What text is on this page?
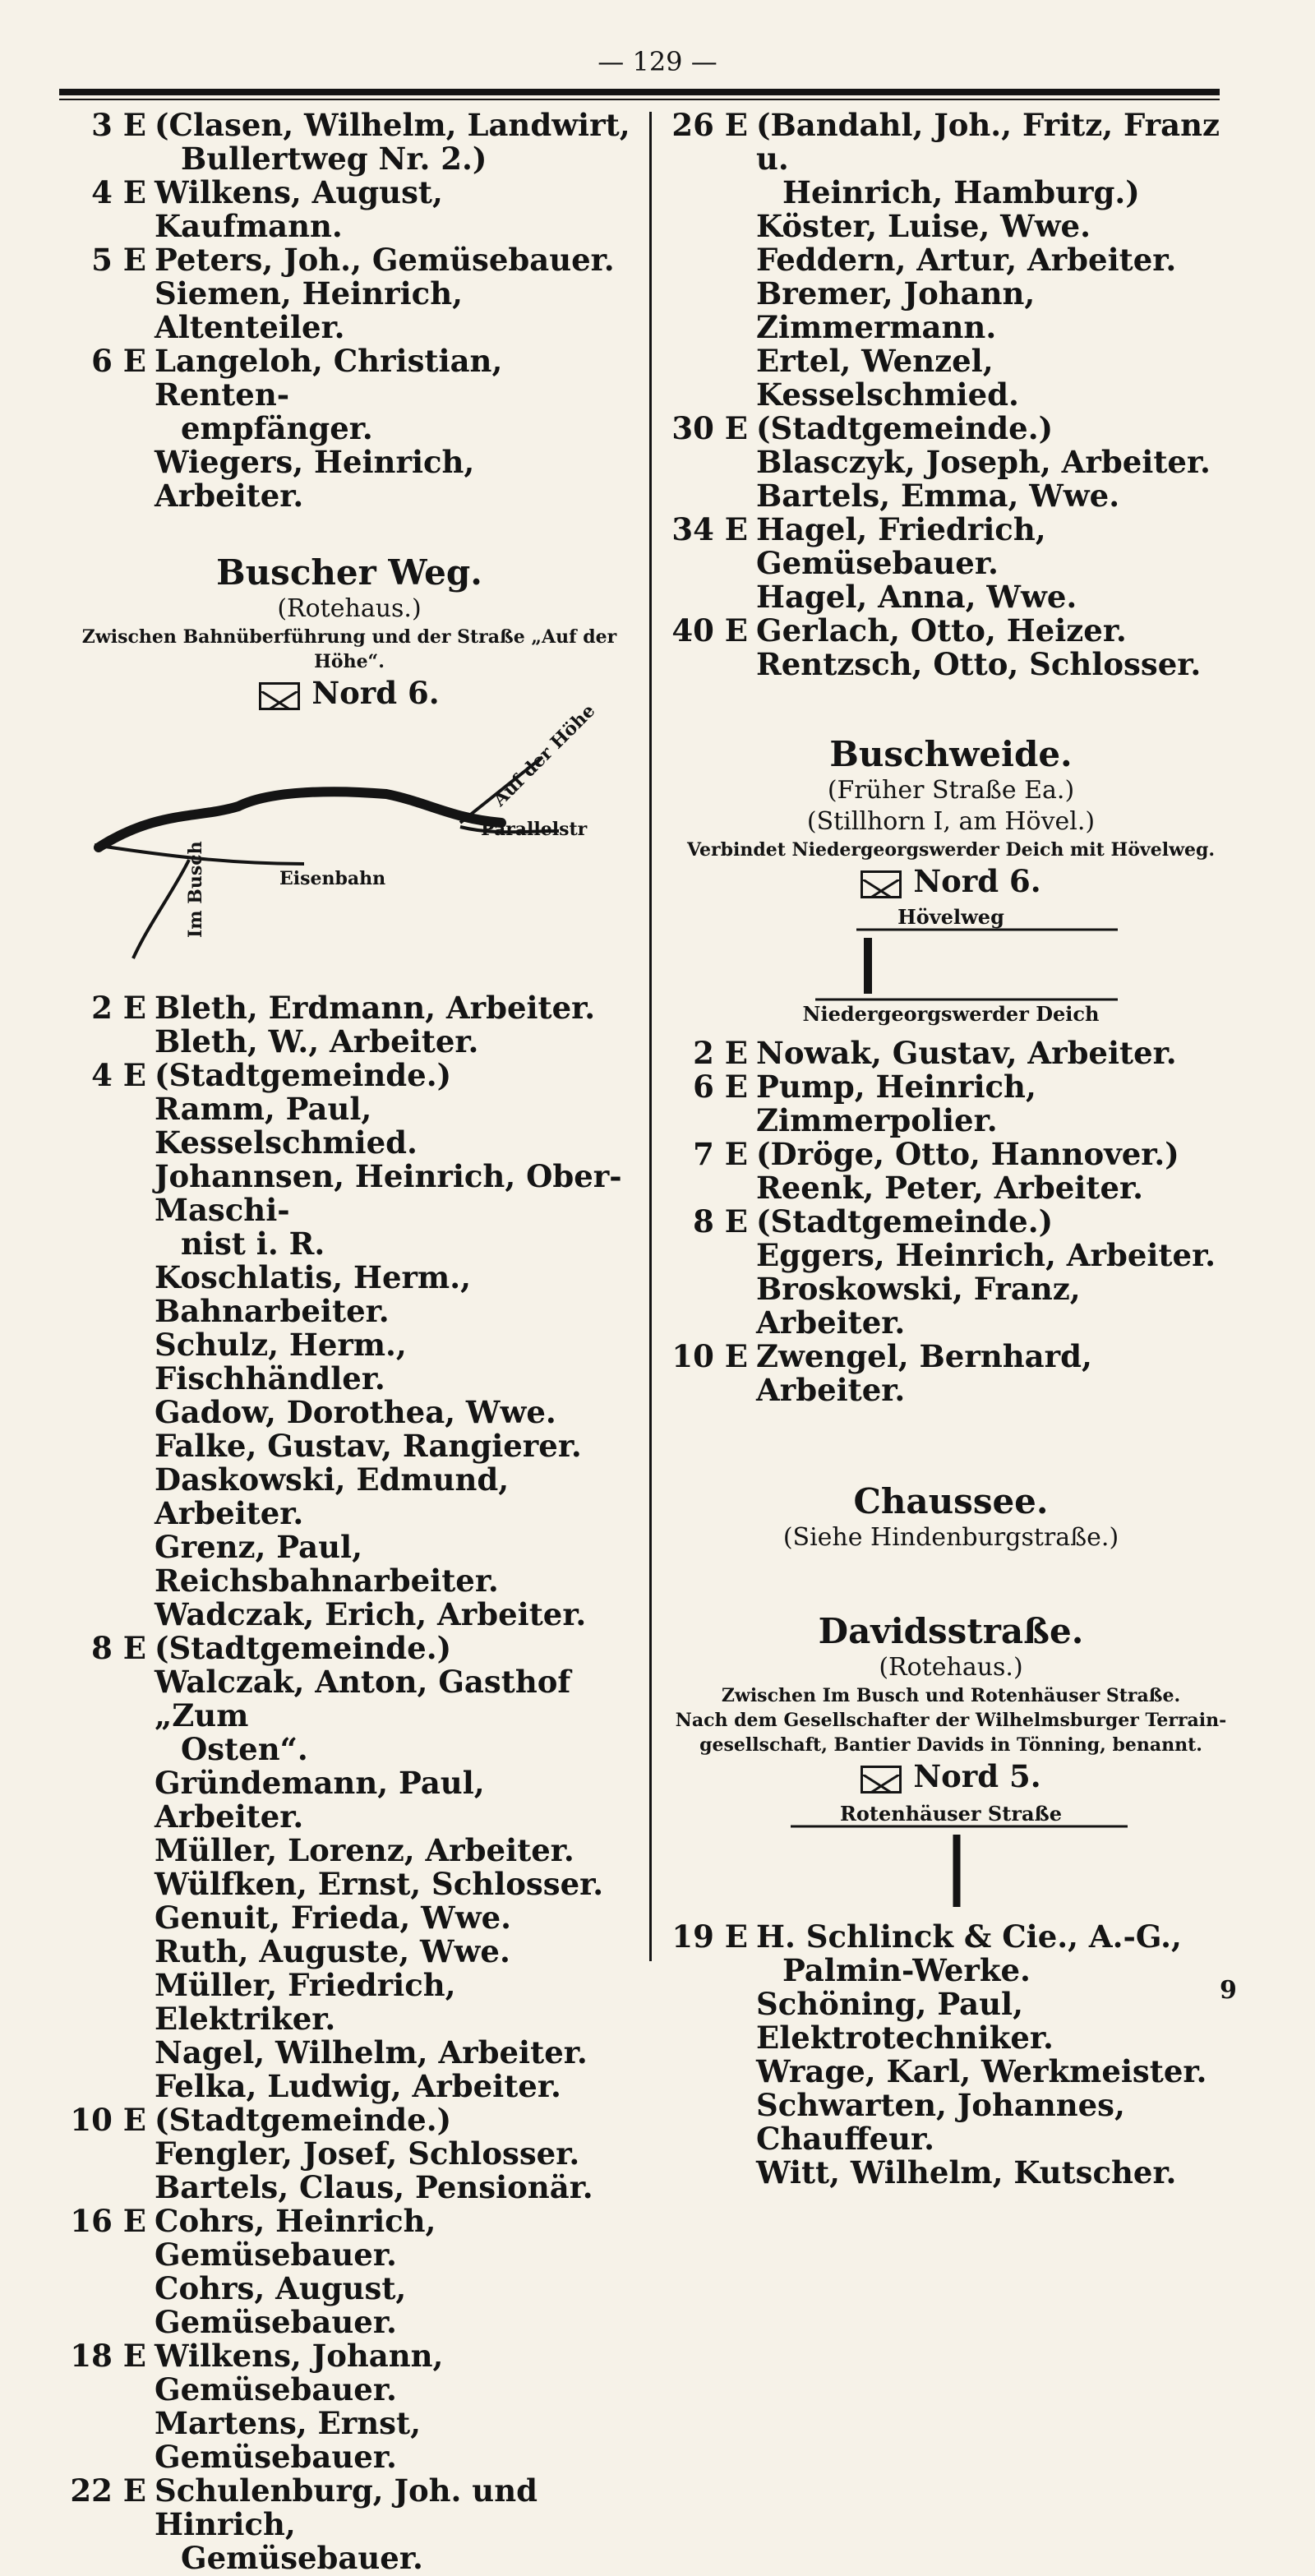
— 129 —
3 E (Clasen, Wilhelm, Landwirt,
Bullertweg Nr. 2.)
4 E Wilkens, August, Kaufmann.
5 E Peters, Joh., Gemüsebauer.
Siemen, Heinrich, Altenteiler.
6 E Langeloh, Christian, Renten-
empfänger.
Wiegers, Heinrich, Arbeiter.
Buscher Weg.
(Rotehaus.)
Zwischen Bahnüberführung und der Straße „Auf der Höhe“.
Nord 6.
Auf der Höhe
Parallelstr
Eisenbahn
Im Busch
2 E Bleth, Erdmann, Arbeiter.
Bleth, W., Arbeiter.
4 E (Stadtgemeinde.)
Ramm, Paul, Kesselschmied.
Johannsen, Heinrich, Ober-Maschi-
nist i. R.
Koschlatis, Herm., Bahnarbeiter.
Schulz, Herm., Fischhändler.
Gadow, Dorothea, Wwe.
Falke, Gustav, Rangierer.
Daskowski, Edmund, Arbeiter.
Grenz, Paul, Reichsbahnarbeiter.
Wadczak, Erich, Arbeiter.
8 E (Stadtgemeinde.)
Walczak, Anton, Gasthof „Zum
Osten“.
Gründemann, Paul, Arbeiter.
Müller, Lorenz, Arbeiter.
Wülfken, Ernst, Schlosser.
Genuit, Frieda, Wwe.
Ruth, Auguste, Wwe.
Müller, Friedrich, Elektriker.
Nagel, Wilhelm, Arbeiter.
Felka, Ludwig, Arbeiter.
10 E (Stadtgemeinde.)
Fengler, Josef, Schlosser.
Bartels, Claus, Pensionär.
16 E Cohrs, Heinrich, Gemüsebauer.
Cohrs, August, Gemüsebauer.
18 E Wilkens, Johann, Gemüsebauer.
Martens, Ernst, Gemüsebauer.
22 E Schulenburg, Joh. und Hinrich,
Gemüsebauer.
26 E (Bandahl, Joh., Fritz, Franz u.
Heinrich, Hamburg.)
Köster, Luise, Wwe.
Feddern, Artur, Arbeiter.
Bremer, Johann, Zimmermann.
Ertel, Wenzel, Kesselschmied.
30 E (Stadtgemeinde.)
Blasczyk, Joseph, Arbeiter.
Bartels, Emma, Wwe.
34 E Hagel, Friedrich, Gemüsebauer.
Hagel, Anna, Wwe.
40 E Gerlach, Otto, Heizer.
Rentzsch, Otto, Schlosser.
Buschweide.
(Früher Straße Ea.)
(Stillhorn I, am Hövel.)
Verbindet Niedergeorgswerder Deich mit Hövelweg.
Nord 6.
Hövelweg
Niedergeorgswerder Deich
2 E Nowak, Gustav, Arbeiter.
6 E Pump, Heinrich, Zimmerpolier.
7 E (Dröge, Otto, Hannover.)
Reenk, Peter, Arbeiter.
8 E (Stadtgemeinde.)
Eggers, Heinrich, Arbeiter.
Broskowski, Franz, Arbeiter.
10 E Zwengel, Bernhard, Arbeiter.
Chaussee.
(Siehe Hindenburgstraße.)
Davidsstraße.
(Rotehaus.)
Zwischen Im Busch und Rotenhäuser Straße.
Nach dem Gesellschafter der Wilhelmsburger Terrain-
gesellschaft, Bantier Davids in Tönning, benannt.
Nord 5.
Rotenhäuser Straße
19 E H. Schlinck & Cie., A.-G.,
Palmin-Werke.
Schöning, Paul, Elektrotechniker.
Wrage, Karl, Werkmeister.
Schwarten, Johannes, Chauffeur.
Witt, Wilhelm, Kutscher.
9
